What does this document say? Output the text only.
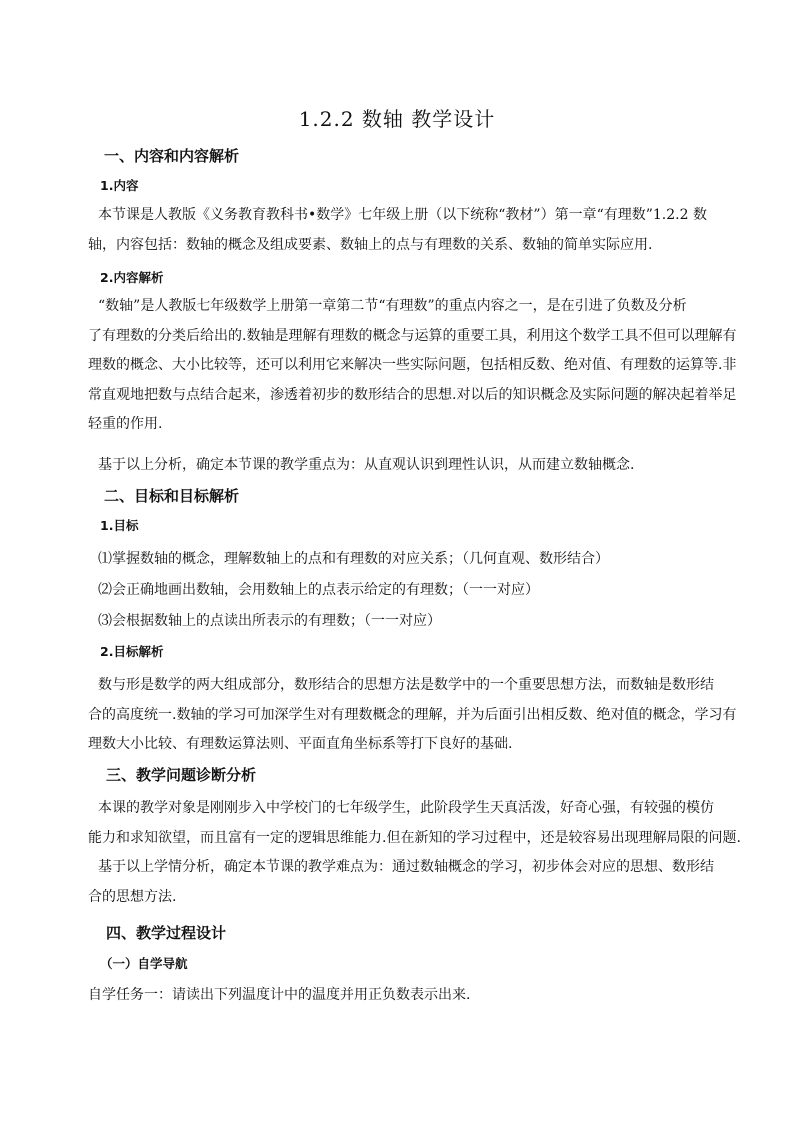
1.2.2 数轴 教学设计
一、内容和内容解析
1.内容
本节课是人教版《义务教育教科书•数学》七年级上册（以下统称“教材”）第一章“有理数”1.2.2 数
轴，内容包括：数轴的概念及组成要素、数轴上的点与有理数的关系、数轴的简单实际应用.
2.内容解析
“数轴”是人教版七年级数学上册第一章第二节“有理数”的重点内容之一，是在引进了负数及分析
了有理数的分类后给出的.数轴是理解有理数的概念与运算的重要工具，利用这个数学工具不但可以理解有
理数的概念、大小比较等，还可以利用它来解决一些实际问题，包括相反数、绝对值、有理数的运算等.非
常直观地把数与点结合起来，渗透着初步的数形结合的思想.对以后的知识概念及实际问题的解决起着举足
轻重的作用.
基于以上分析，确定本节课的教学重点为：从直观认识到理性认识，从而建立数轴概念.
二、目标和目标解析
1.目标
⑴掌握数轴的概念，理解数轴上的点和有理数的对应关系；（几何直观、数形结合）
⑵会正确地画出数轴，会用数轴上的点表示给定的有理数；（一一对应）
⑶会根据数轴上的点读出所表示的有理数；（一一对应）
2.目标解析
数与形是数学的两大组成部分，数形结合的思想方法是数学中的一个重要思想方法，而数轴是数形结
合的高度统一.数轴的学习可加深学生对有理数概念的理解，并为后面引出相反数、绝对值的概念，学习有
理数大小比较、有理数运算法则、平面直角坐标系等打下良好的基础.
三、教学问题诊断分析
本课的教学对象是刚刚步入中学校门的七年级学生，此阶段学生天真活泼，好奇心强，有较强的模仿
能力和求知欲望，而且富有一定的逻辑思维能力.但在新知的学习过程中，还是较容易出现理解局限的问题.
基于以上学情分析，确定本节课的教学难点为：通过数轴概念的学习，初步体会对应的思想、数形结
合的思想方法.
四、教学过程设计
（一）自学导航
自学任务一：请读出下列温度计中的温度并用正负数表示出来.
